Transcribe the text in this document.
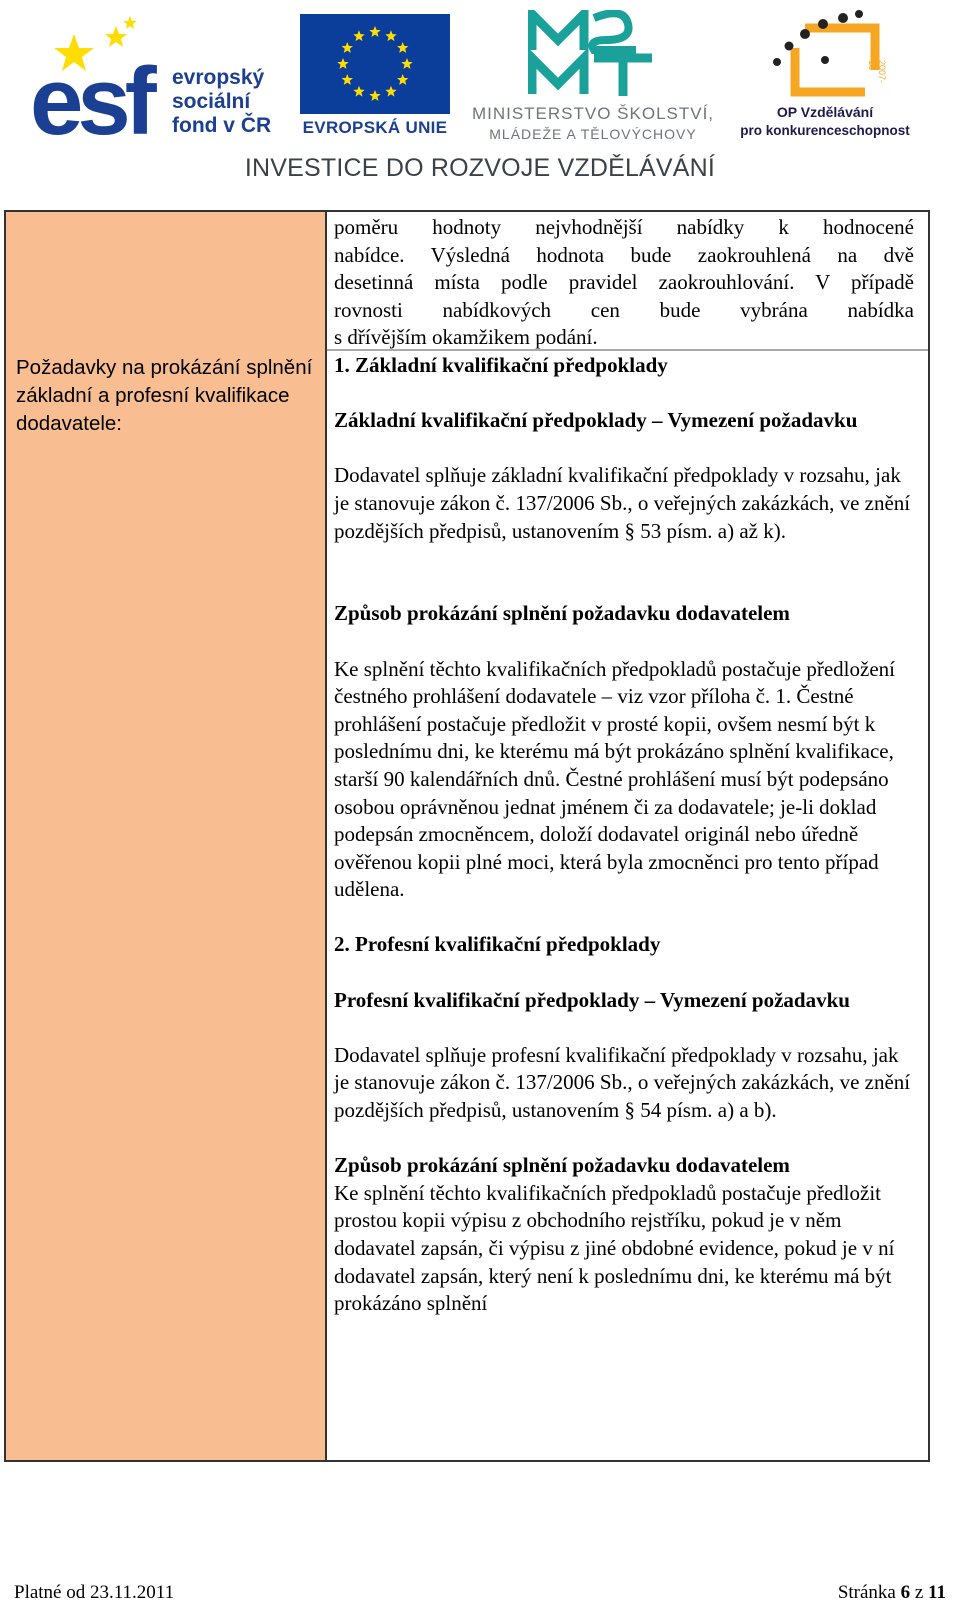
esf evropský
sociální
fond v ČR EVROPSKÁ UNIE
MINISTERSTVO ŠKOLSTVÍ,
MLÁDEŽE A TĚLOVÝCHOVY
2007-13
OP Vzdělávání
pro konkurenceschopnost
INVESTICE DO ROZVOJE VZDĚLÁVÁNÍ
Požadavky na prokázání splnění základní a profesní kvalifikace dodavatele:

poměru hodnoty nejvhodnější nabídky k hodnocené

nabídce. Výsledná hodnota bude zaokrouhlená na dvě

desetinná místa podle pravidel zaokrouhlování. V případě

rovnosti nabídkových cen bude vybrána nabídka

s dřívějším okamžikem podání.

1. Základní kvalifikační předpoklady

Základní kvalifikační předpoklady – Vymezení požadavku

Dodavatel splňuje základní kvalifikační předpoklady v rozsahu, jak je stanovuje zákon č. 137/2006 Sb., o veřejných zakázkách, ve znění pozdějších předpisů, ustanovením § 53 písm. a) až k).

Způsob prokázání splnění požadavku dodavatelem

Ke splnění těchto kvalifikačních předpokladů postačuje předložení čestného prohlášení dodavatele – viz vzor příloha č. 1. Čestné prohlášení postačuje předložit v prosté kopii, ovšem nesmí být k poslednímu dni, ke kterému má být prokázáno splnění kvalifikace, starší 90 kalendářních dnů. Čestné prohlášení musí být podepsáno osobou oprávněnou jednat jménem či za dodavatele; je-li doklad podepsán zmocněncem, doloží dodavatel originál nebo úředně ověřenou kopii plné moci, která byla zmocněnci pro tento případ udělena.

2. Profesní kvalifikační předpoklady

Profesní kvalifikační předpoklady – Vymezení požadavku

Dodavatel splňuje profesní kvalifikační předpoklady v rozsahu, jak je stanovuje zákon č. 137/2006 Sb., o veřejných zakázkách, ve znění pozdějších předpisů, ustanovením § 54 písm. a) a b).

Způsob prokázání splnění požadavku dodavatelem

Ke splnění těchto kvalifikačních předpokladů postačuje předložit prostou kopii výpisu z obchodního rejstříku, pokud je v něm dodavatel zapsán, či výpisu z jiné obdobné evidence, pokud je v ní dodavatel zapsán, který není k poslednímu dni, ke kterému má být prokázáno splnění

Platné od 23.11.2011	Stránka 6 z 11
